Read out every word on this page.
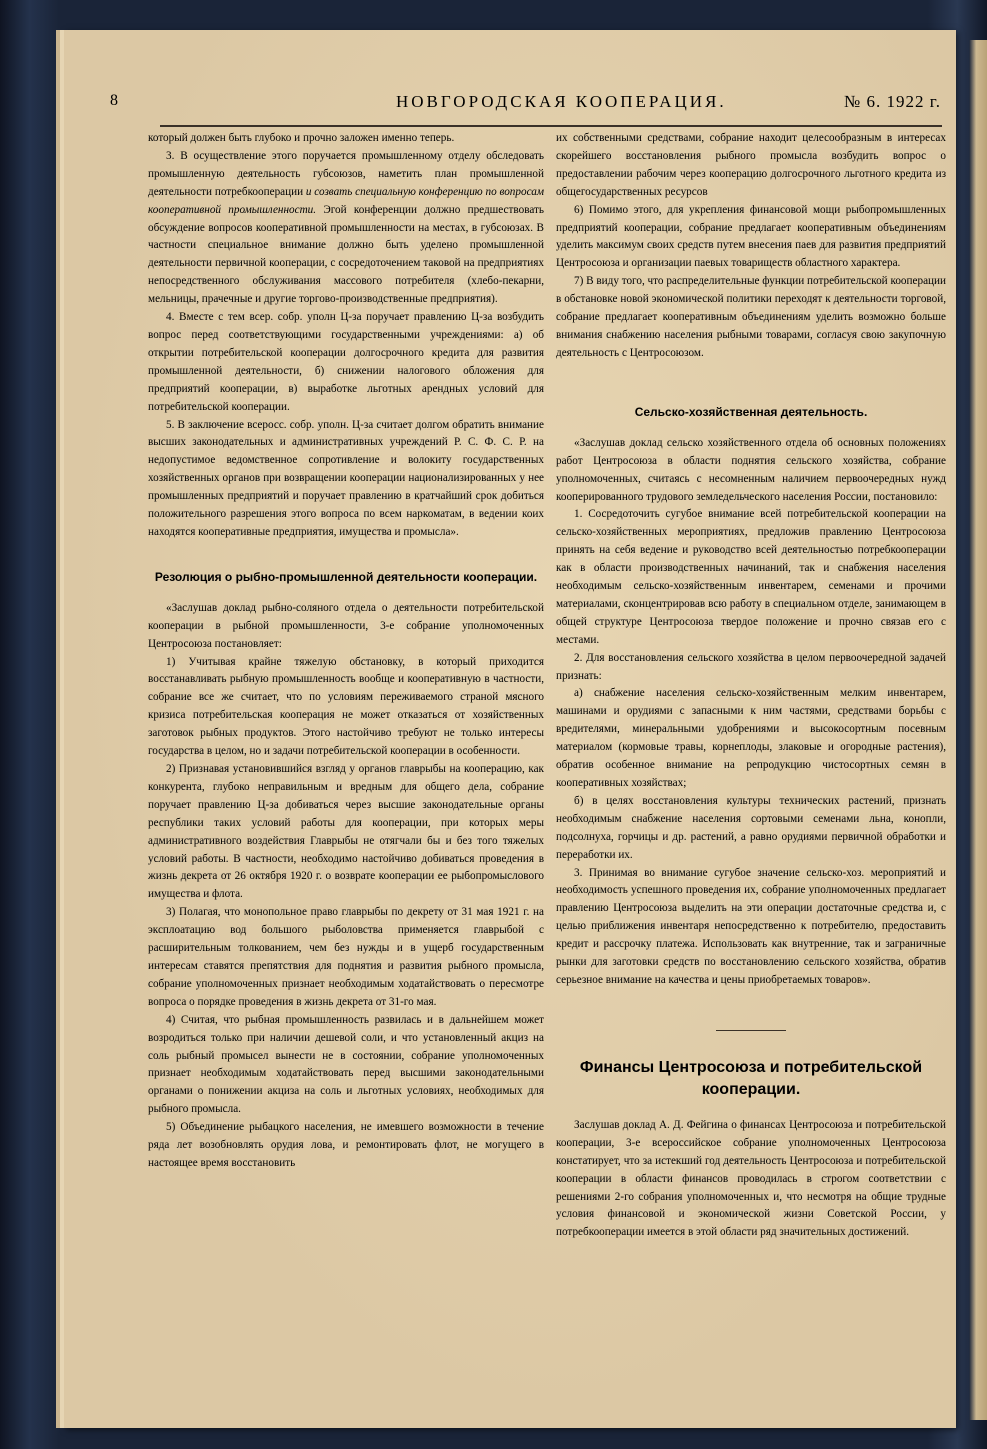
8	НОВГОРОДСКАЯ КООПЕРАЦИЯ.	№ 6. 1922 г.

который должен быть глубоко и прочно заложен именно теперь.

3. В осуществление этого поручается промышленному отделу обследовать промышленную деятельность губсоюзов, наметить план промышленной деятельности потребкооперации и созвать специальную конференцию по вопросам кооперативной промышленности. Эгой конференции должно предшествовать обсуждение вопросов кооперативной промышленности на местах, в губсоюзах. В частности специальное внимание должно быть уделено промышленной деятельности первичной кооперации, с сосредоточением таковой на предприятиях непосредственного обслуживания массового потребителя (хлебо-пекарни, мельницы, прачечные и другие торгово-производственные предприятия).

4. Вместе с тем всер. собр. уполн Ц-за поручает правлению Ц-за возбудить вопрос перед соответствующими государственными учреждениями: а) об открытии потребительской кооперации долгосрочного кредита для развития промышленной деятельности, б) снижении налогового обложения для предприятий кооперации, в) выработке льготных арендных условий для потребительской кооперации.

5. В заключение всеросс. собр. уполн. Ц-за считает долгом обратить внимание высших законодательных и административных учреждений Р. С. Ф. С. Р. на недопустимое ведомственное сопротивление и волокиту государственных хозяйственных органов при возвращении кооперации национализированных у нее промышленных предприятий и поручает правлению в кратчайший срок добиться положительного разрешения этого вопроса по всем наркоматам, в ведении коих находятся кооперативные предприятия, имущества и промысла».

Резолюция о рыбно-промышленной деятельности кооперации.

«Заслушав доклад рыбно-соляного отдела о деятельности потребительской кооперации в рыбной промышленности, 3-е собрание уполномоченных Центросоюза постановляет:

1) Учитывая крайне тяжелую обстановку, в который приходится восстанавливать рыбную промышленность вообще и кооперативную в частности, собрание все же считает, что по условиям переживаемого страной мясного кризиса потребительская кооперация не может отказаться от хозяйственных заготовок рыбных продуктов. Этого настойчиво требуют не только интересы государства в целом, но и задачи потребительской кооперации в особенности.

2) Признавая установившийся взгляд у органов главрыбы на кооперацию, как конкурента, глубоко неправильным и вредным для общего дела, собрание поручает правлению Ц-за добиваться через высшие законодательные органы республики таких условий работы для кооперации, при которых меры административного воздействия Главрыбы не отягчали бы и без того тяжелых условий работы. В частности, необходимо настойчиво добиваться проведения в жизнь декрета от 26 октября 1920 г. о возврате кооперации ее рыбопромыслового имущества и флота.

3) Полагая, что монопольное право главрыбы по декрету от 31 мая 1921 г. на эксплоатацию вод большого рыболовства применяется главрыбой с расширительным толкованием, чем без нужды и в ущерб государственным интересам ставятся препятствия для поднятия и развития рыбного промысла, собрание уполномоченных признает необходимым ходатайствовать о пересмотре вопроса о порядке проведения в жизнь декрета от 31-го мая.

4) Считая, что рыбная промышленность развилась и в дальнейшем может возродиться только при наличии дешевой соли, и что установленный акциз на соль рыбный промысел вынести не в состоянии, собрание уполномоченных признает необходимым ходатайствовать перед высшими законодательными органами о понижении акциза на соль и льготных условиях, необходимых для рыбного промысла.

5) Объединение рыбацкого населения, не имевшего возможности в течение ряда лет возобновлять орудия лова, и ремонтировать флот, не могущего в настоящее время восстановить

их собственными средствами, собрание находит целесообразным в интересах скорейшего восстановления рыбного промысла возбудить вопрос о предоставлении рабочим через кооперацию долгосрочного льготного кредита из общегосударственных ресурсов

6) Помимо этого, для укрепления финансовой мощи рыбопромышленных предприятий кооперации, собрание предлагает кооперативным объединениям уделить максимум своих средств путем внесения паев для развития предприятий Центросоюза и организации паевых товариществ областного характера.

7) В виду того, что распределительные функции потребительской кооперации в обстановке новой экономической политики переходят к деятельности торговой, собрание предлагает кооперативным объединениям уделить возможно больше внимания снабжению населения рыбными товарами, согласуя свою закупочную деятельность с Центросоюзом.

Сельско-хозяйственная деятельность.

«Заслушав доклад сельско хозяйственного отдела об основных положениях работ Центросоюза в области поднятия сельского хозяйства, собрание уполномоченных, считаясь с несомненным наличием первоочередных нужд кооперированного трудового земледельческого населения России, постановило:

1. Сосредоточить сугубое внимание всей потребительской кооперации на сельско-хозяйственных мероприятиях, предложив правлению Центросоюза принять на себя ведение и руководство всей деятельностью потребкооперации как в области производственных начинаний, так и снабжения населения необходимым сельско-хозяйственным инвентарем, семенами и прочими материалами, сконцентрировав всю работу в специальном отделе, занимающем в общей структуре Центросоюза твердое положение и прочно связав его с местами.

2. Для восстановления сельского хозяйства в целом первоочередной задачей признать:

а) снабжение населения сельско-хозяйственным мелким инвентарем, машинами и орудиями с запасными к ним частями, средствами борьбы с вредителями, минеральными удобрениями и высокосортным посевным материалом (кормовые травы, корнеплоды, злаковые и огородные растения), обратив особенное внимание на репродукцию чистосортных семян в кооперативных хозяйствах;

б) в целях восстановления культуры технических растений, признать необходимым снабжение населения сортовыми семенами льна, конопли, подсолнуха, горчицы и др. растений, а равно орудиями первичной обработки и переработки их.

3. Принимая во внимание сугубое значение сельско-хоз. мероприятий и необходимость успешного проведения их, собрание уполномоченных предлагает правлению Центросоюза выделить на эти операции достаточные средства и, с целью приближения инвентаря непосредственно к потребителю, предоставить кредит и рассрочку платежа. Использовать как внутренние, так и заграничные рынки для заготовки средств по восстановлению сельского хозяйства, обратив серьезное внимание на качества и цены приобретаемых товаров».

Финансы Центросоюза и потребительской кооперации.

Заслушав доклад А. Д. Фейгина о финансах Центросоюза и потребительской кооперации, 3-е всероссийское собрание уполномоченных Центросоюза констатирует, что за истекший год деятельность Центросоюза и потребительской кооперации в области финансов проводилась в строгом соответствии с решениями 2-го собрания уполномоченных и, что несмотря на общие трудные условия финансовой и экономической жизни Советской России, у потребкооперации имеется в этой области ряд значительных достижений.
